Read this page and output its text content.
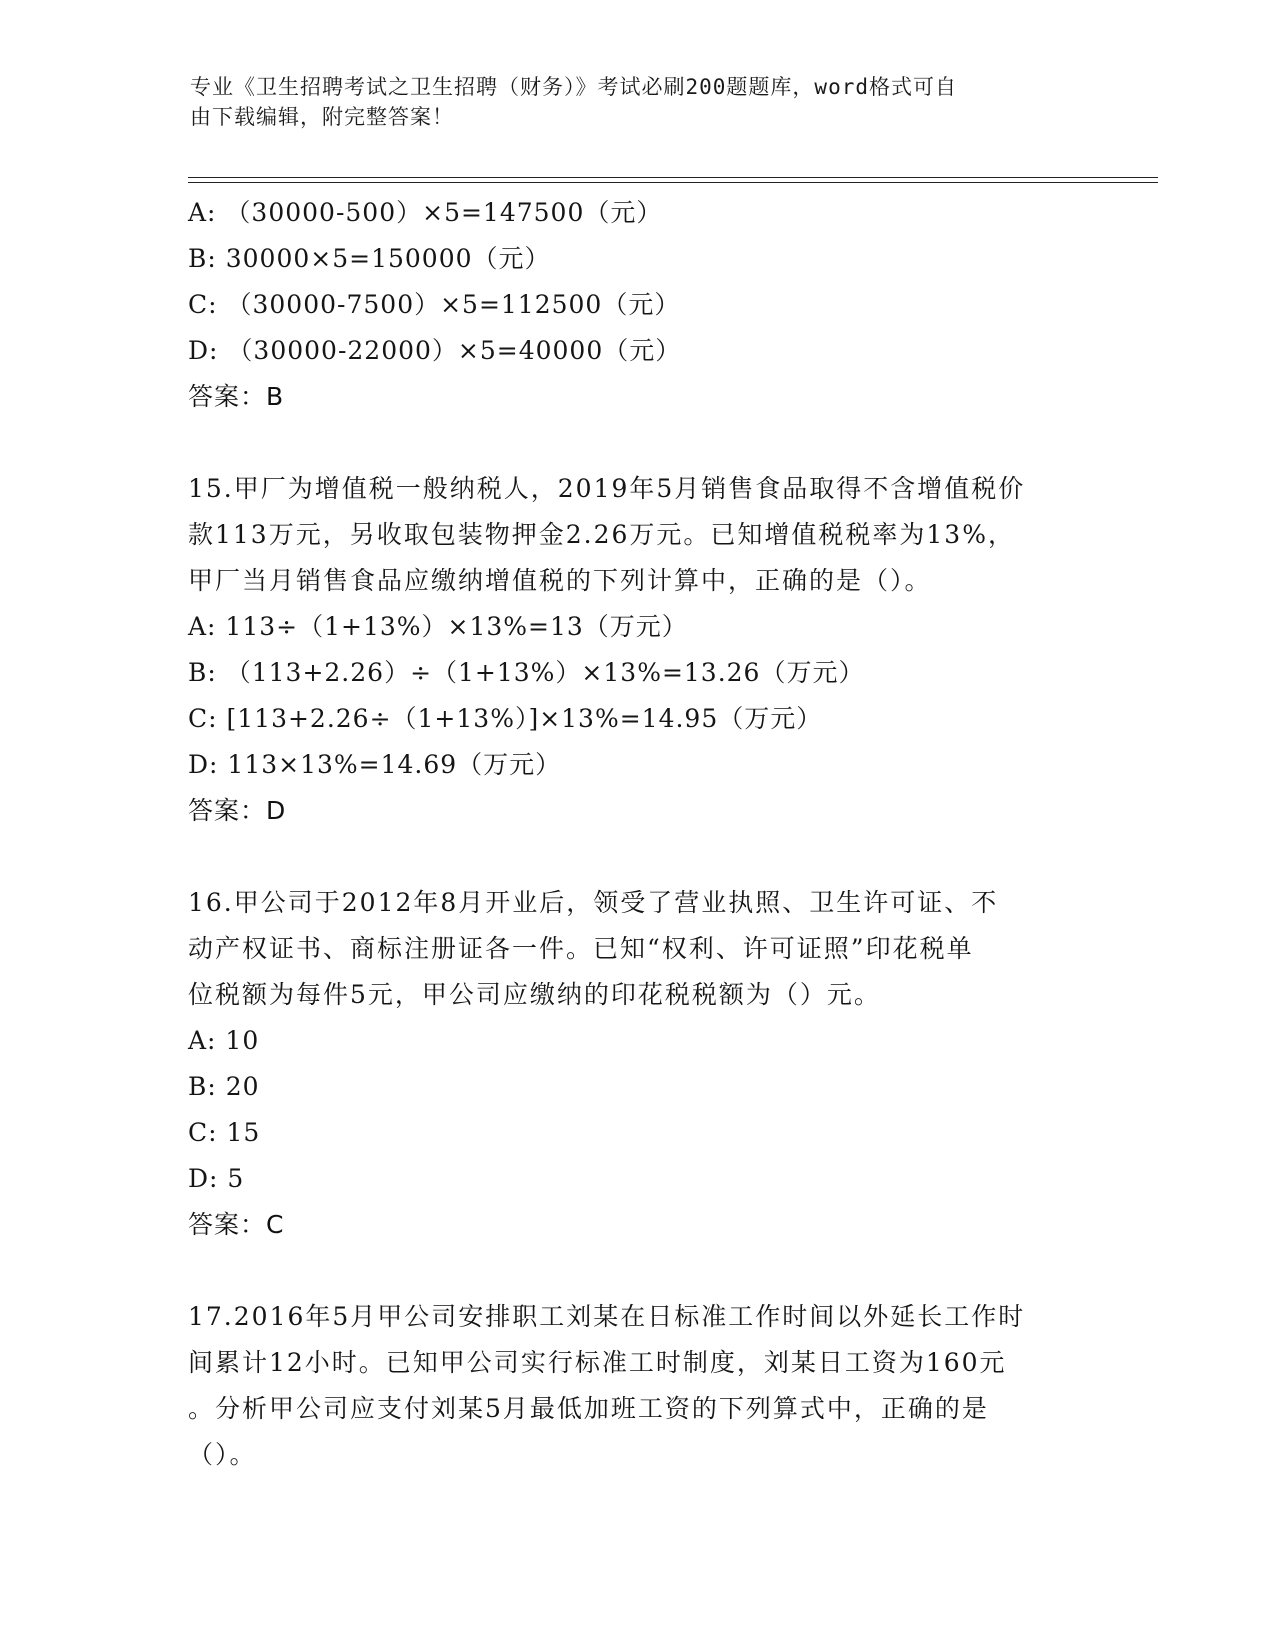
专业《卫生招聘考试之卫生招聘（财务）》考试必刷200题题库，word格式可自
由下载编辑，附完整答案！
A: （30000-500）×5=147500（元）
B: 30000×5=150000（元）
C: （30000-7500）×5=112500（元）
D: （30000-22000）×5=40000（元）
答案：B
15.甲厂为增值税一般纳税人，2019年5月销售食品取得不含增值税价
款113万元，另收取包装物押金2.26万元。已知增值税税率为13%，
甲厂当月销售食品应缴纳增值税的下列计算中，正确的是（）。
A: 113÷（1+13%）×13%=13（万元）
B: （113+2.26）÷（1+13%）×13%=13.26（万元）
C: [113+2.26÷（1+13%）]×13%=14.95（万元）
D: 113×13%=14.69（万元）
答案：D
16.甲公司于2012年8月开业后，领受了营业执照、卫生许可证、不
动产权证书、商标注册证各一件。已知“权利、许可证照”印花税单
位税额为每件5元，甲公司应缴纳的印花税税额为（）元。
A: 10
B: 20
C: 15
D: 5
答案：C
17.2016年5月甲公司安排职工刘某在日标准工作时间以外延长工作时
间累计12小时。已知甲公司实行标准工时制度，刘某日工资为160元
。分析甲公司应支付刘某5月最低加班工资的下列算式中，正确的是
（）。
